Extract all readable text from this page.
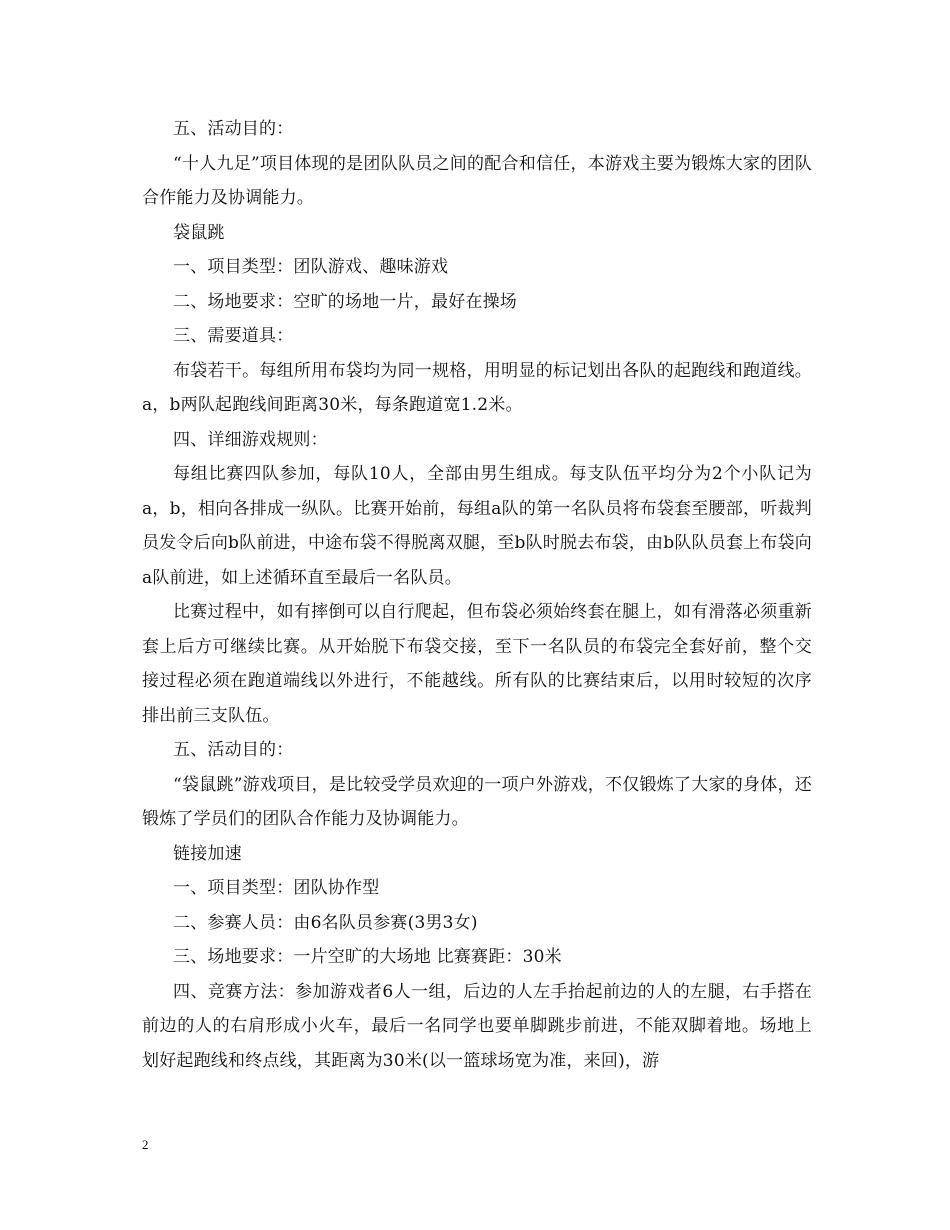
五、活动目的：

“十人九足”项目体现的是团队队员之间的配合和信任，本游戏主要为锻炼大家的团队合作能力及协调能力。

袋鼠跳

一、项目类型：团队游戏、趣味游戏

二、场地要求：空旷的场地一片，最好在操场

三、需要道具：

布袋若干。每组所用布袋均为同一规格，用明显的标记划出各队的起跑线和跑道线。a，b两队起跑线间距离30米，每条跑道宽1.2米。

四、详细游戏规则：

每组比赛四队参加，每队10人，全部由男生组成。每支队伍平均分为2个小队记为a，b，相向各排成一纵队。比赛开始前，每组a队的第一名队员将布袋套至腰部，听裁判员发令后向b队前进，中途布袋不得脱离双腿，至b队时脱去布袋，由b队队员套上布袋向a队前进，如上述循环直至最后一名队员。

比赛过程中，如有摔倒可以自行爬起，但布袋必须始终套在腿上，如有滑落必须重新套上后方可继续比赛。从开始脱下布袋交接，至下一名队员的布袋完全套好前，整个交接过程必须在跑道端线以外进行，不能越线。所有队的比赛结束后，以用时较短的次序排出前三支队伍。

五、活动目的：

“袋鼠跳”游戏项目，是比较受学员欢迎的一项户外游戏，不仅锻炼了大家的身体，还锻炼了学员们的团队合作能力及协调能力。

链接加速

一、项目类型：团队协作型

二、参赛人员：由6名队员参赛(3男3女)

三、场地要求：一片空旷的大场地 比赛赛距：30米

四、竞赛方法：参加游戏者6人一组，后边的人左手抬起前边的人的左腿，右手搭在前边的人的右肩形成小火车，最后一名同学也要单脚跳步前进，不能双脚着地。场地上划好起跑线和终点线，其距离为30米(以一篮球场宽为准，来回)，游

2
